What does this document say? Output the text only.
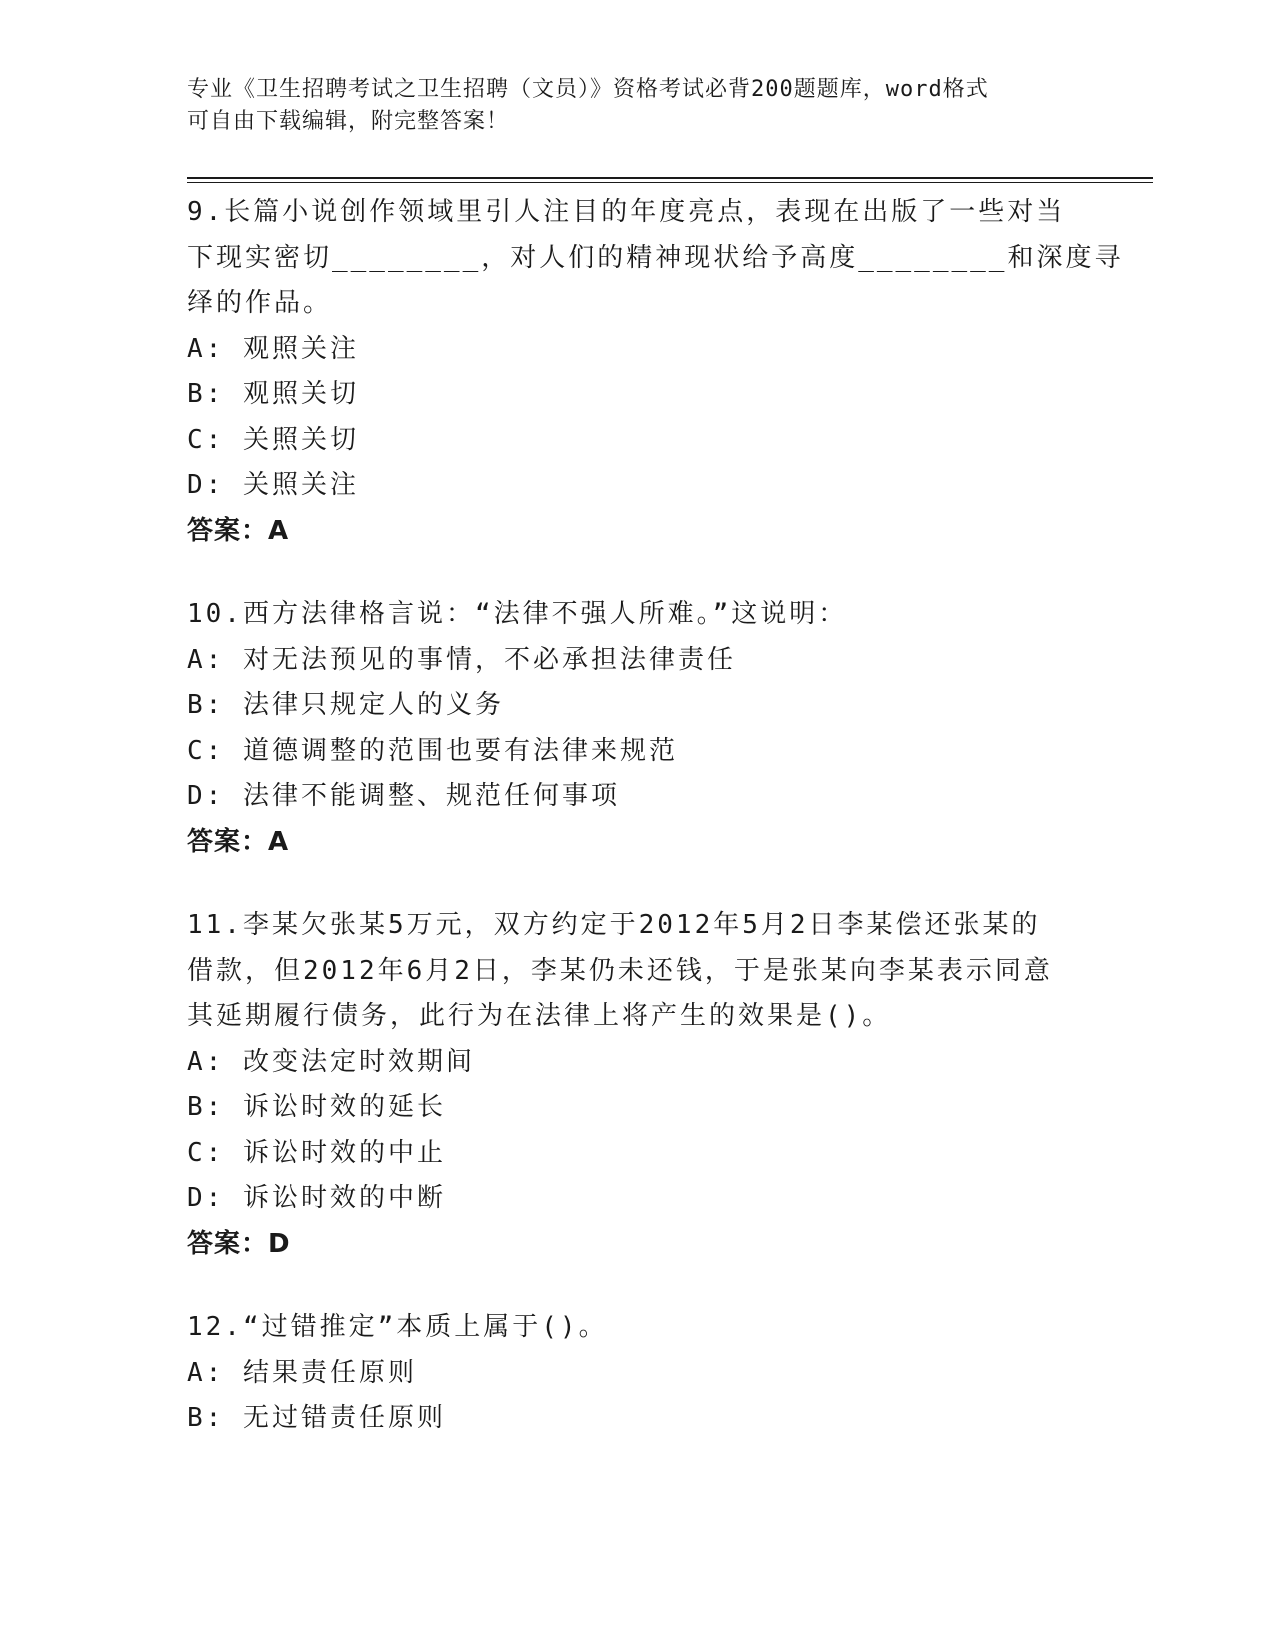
专业《卫生招聘考试之卫生招聘（文员）》资格考试必背200题题库，word格式
可自由下载编辑，附完整答案！
9.长篇小说创作领域里引人注目的年度亮点，表现在出版了一些对当
下现实密切________，对人们的精神现状给予高度________和深度寻
绎的作品。
A: 观照关注
B: 观照关切
C: 关照关切
D: 关照关注
答案：A
10.西方法律格言说：“法律不强人所难。”这说明：
A: 对无法预见的事情，不必承担法律责任
B: 法律只规定人的义务
C: 道德调整的范围也要有法律来规范
D: 法律不能调整、规范任何事项
答案：A
11.李某欠张某5万元，双方约定于2012年5月2日李某偿还张某的
借款，但2012年6月2日，李某仍未还钱，于是张某向李某表示同意
其延期履行债务，此行为在法律上将产生的效果是()。
A: 改变法定时效期间
B: 诉讼时效的延长
C: 诉讼时效的中止
D: 诉讼时效的中断
答案：D
12.“过错推定”本质上属于()。
A: 结果责任原则
B: 无过错责任原则
